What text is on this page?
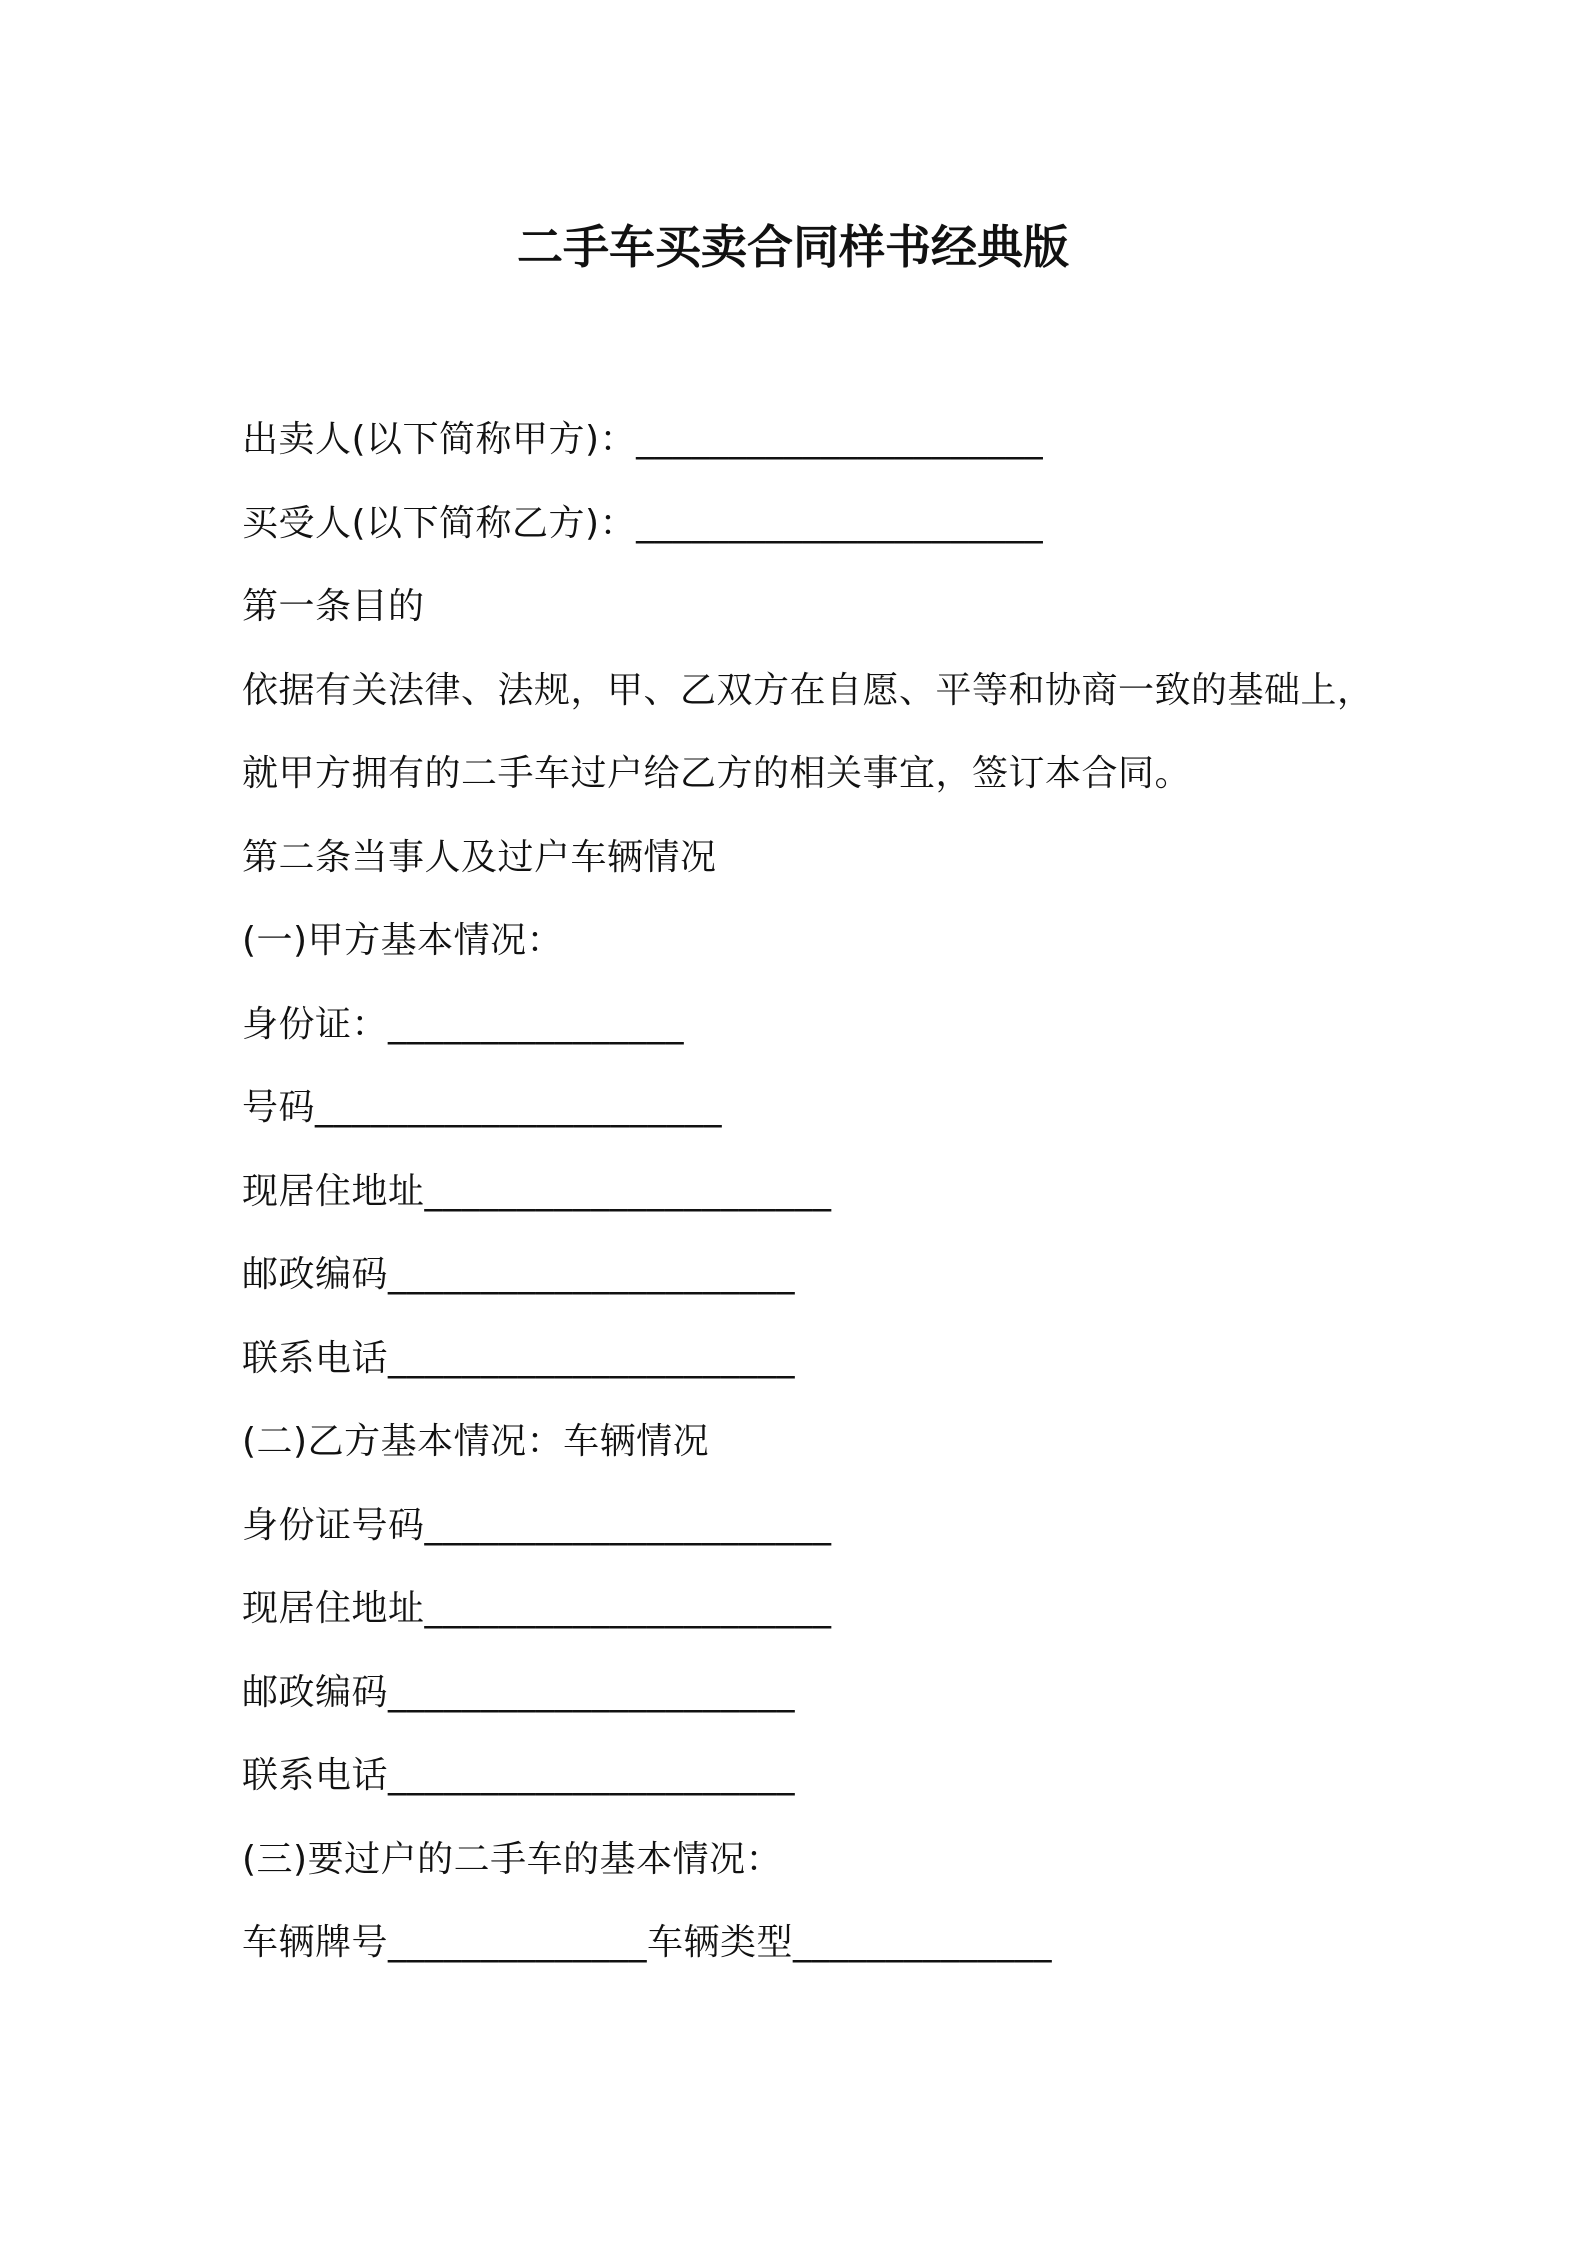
二手车买卖合同样书经典版
出卖人(以下简称甲方)：______________________
买受人(以下简称乙方)：______________________
第一条目的
依据有关法律、法规，甲、乙双方在自愿、平等和协商一致的基础上，
就甲方拥有的二手车过户给乙方的相关事宜，签订本合同。
第二条当事人及过户车辆情况
(一)甲方基本情况：
身份证：________________
号码______________________
现居住地址______________________
邮政编码______________________
联系电话______________________
(二)乙方基本情况：车辆情况
身份证号码______________________
现居住地址______________________
邮政编码______________________
联系电话______________________
(三)要过户的二手车的基本情况：
车辆牌号______________车辆类型______________
